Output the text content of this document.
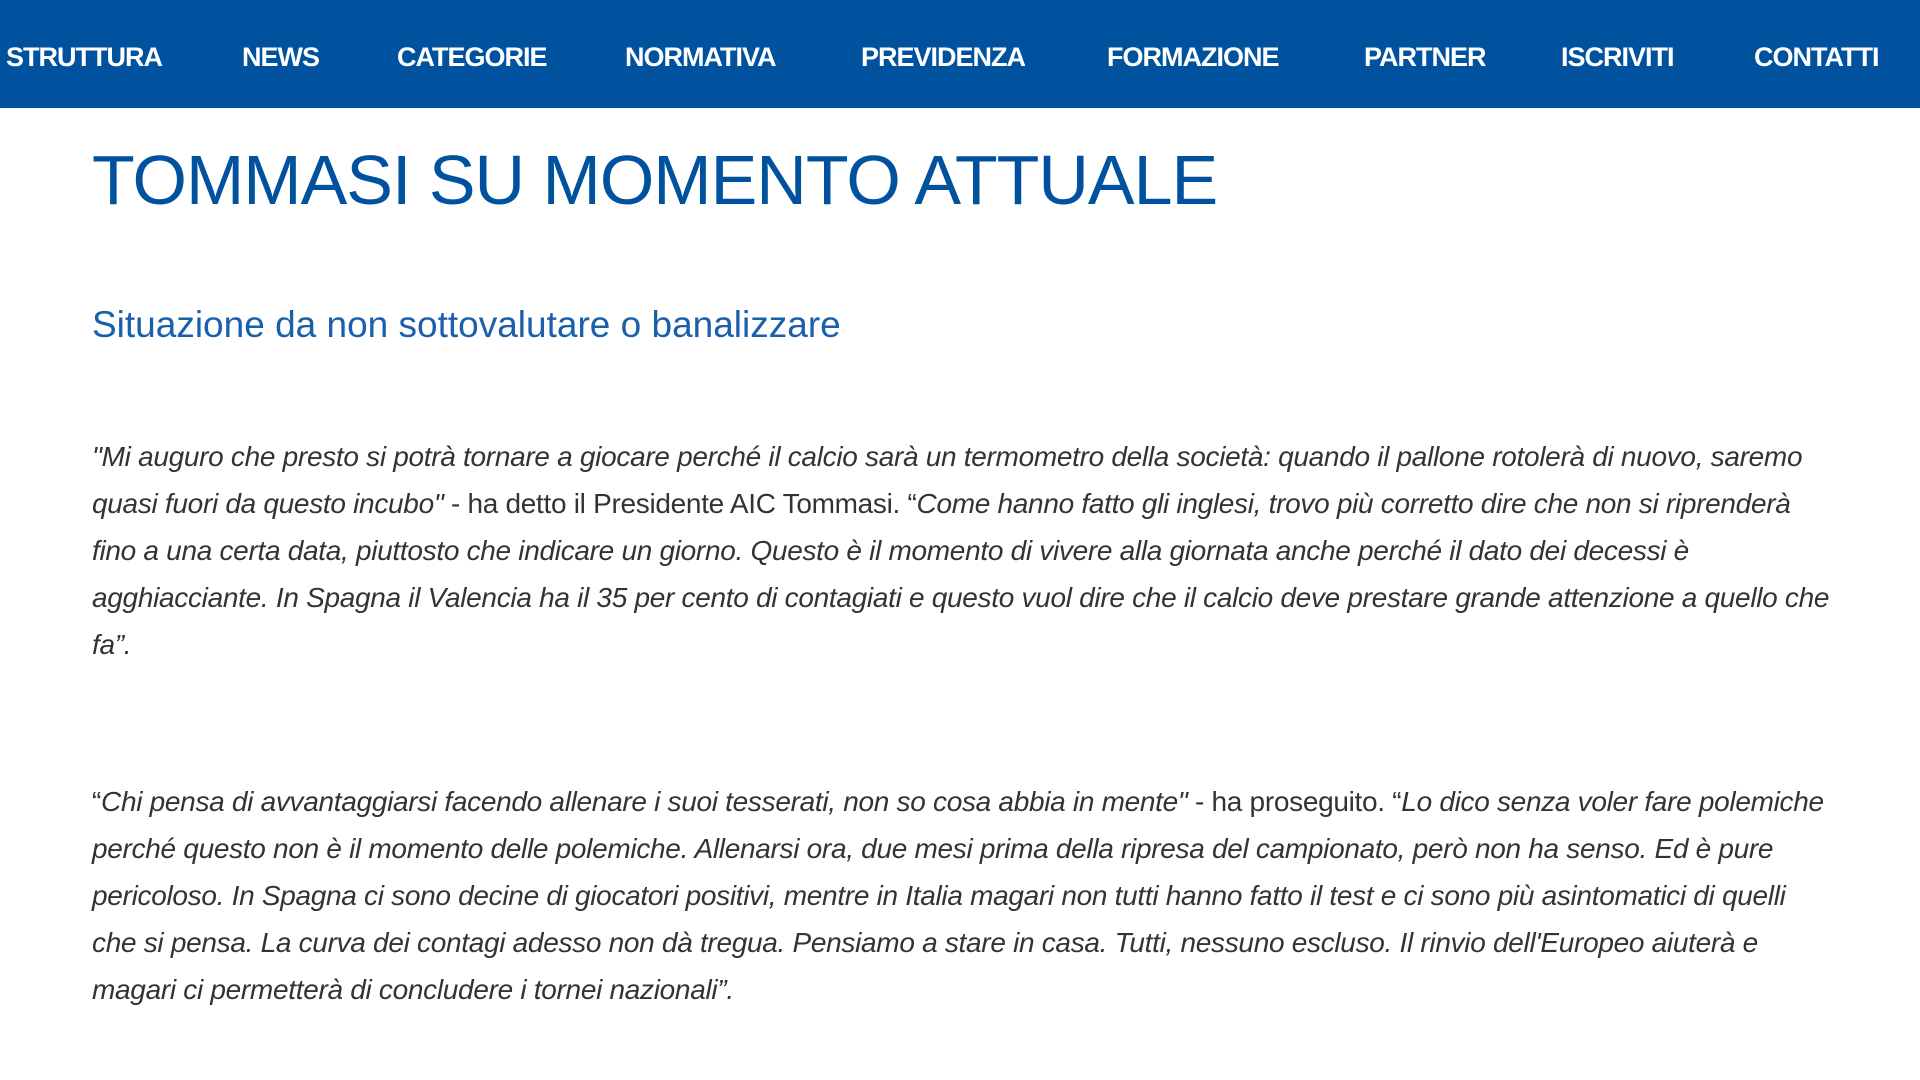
STRUTTURA	NEWS	CATEGORIE	NORMATIVA	PREVIDENZA	FORMAZIONE	PARTNER	ISCRIVITI	CONTATTI
TOMMASI SU MOMENTO ATTUALE
Situazione da non sottovalutare o banalizzare

"Mi auguro che presto si potrà tornare a giocare perché il calcio sarà un termometro della società: quando il pallone rotolerà di nuovo, saremo quasi fuori da questo incubo" - ha detto il Presidente AIC Tommasi. “Come hanno fatto gli inglesi, trovo più corretto dire che non si riprenderà fino a una certa data, piuttosto che indicare un giorno. Questo è il momento di vivere alla giornata anche perché il dato dei decessi è agghiacciante. In Spagna il Valencia ha il 35 per cento di contagiati e questo vuol dire che il calcio deve prestare grande attenzione a quello che fa”.

“Chi pensa di avvantaggiarsi facendo allenare i suoi tesserati, non so cosa abbia in mente" - ha proseguito. “Lo dico senza voler fare polemiche perché questo non è il momento delle polemiche. Allenarsi ora, due mesi prima della ripresa del campionato, però non ha senso. Ed è pure pericoloso. In Spagna ci sono decine di giocatori positivi, mentre in Italia magari non tutti hanno fatto il test e ci sono più asintomatici di quelli che si pensa. La curva dei contagi adesso non dà tregua. Pensiamo a stare in casa. Tutti, nessuno escluso. Il rinvio dell'Europeo aiuterà e magari ci permetterà di concludere i tornei nazionali”.
